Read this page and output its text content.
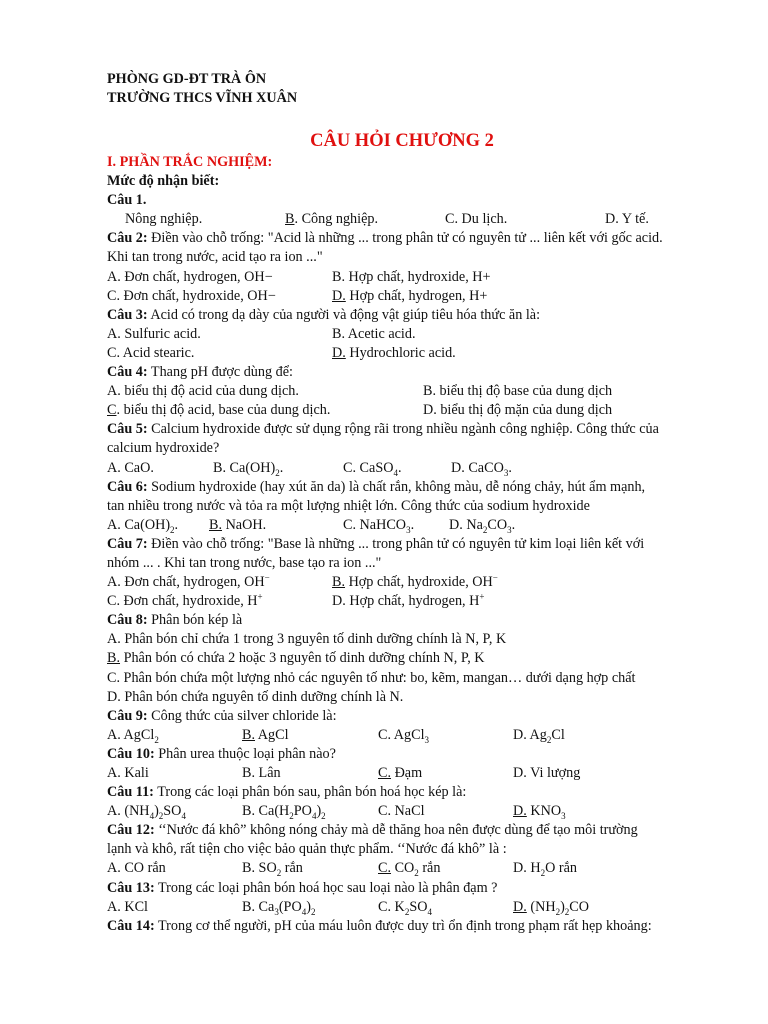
PHÒNG GD-ĐT TRÀ ÔN
TRƯỜNG THCS VĨNH XUÂN
CÂU HỎI CHƯƠNG 2
I. PHẦN TRẮC NGHIỆM:
Mức độ nhận biết:
Câu 1.
Nông nghiệp.	B. Công nghiệp.	C. Du lịch.	D. Y tế.
Câu 2: Điền vào chỗ trống: "Acid là những ... trong phân tử có nguyên tử ... liên kết với gốc acid.
Khi tan trong nước, acid tạo ra ion ..."
A. Đơn chất, hydrogen, OH−	B. Hợp chất, hydroxide, H+
C. Đơn chất, hydroxide, OH−	D. Hợp chất, hydrogen, H+
Câu 3: Acid có trong dạ dày của người và động vật giúp tiêu hóa thức ăn là:
A. Sulfuric acid.	B. Acetic acid.
C. Acid stearic.	D. Hydrochloric acid.
Câu 4: Thang pH được dùng để:
A. biểu thị độ acid của dung dịch.	B. biểu thị độ base của dung dịch
C. biểu thị độ acid, base của dung dịch.	D. biểu thị độ mặn của dung dịch
Câu 5: Calcium hydroxide được sử dụng rộng rãi trong nhiều ngành công nghiệp. Công thức của
calcium hydroxide?
A. CaO.	B. $Ca(OH)_2$.	C. CaSO$_4$.	D. CaCO$_3$.
Câu 6: Sodium hydroxide (hay xút ăn da) là chất rắn, không màu, dễ nóng chảy, hút ẩm mạnh,
tan nhiều trong nước và tỏa ra một lượng nhiệt lớn. Công thức của sodium hydroxide
A. $Ca(OH)_2$. B. NaOH.	C. NaHCO$_3$. D. $Na_2CO_3$.
Câu 7: Điền vào chỗ trống: "Base là những ... trong phân tử có nguyên tử kim loại liên kết với
nhóm ... . Khi tan trong nước, base tạo ra ion ..."
A. Đơn chất, hydrogen, OH−	B. Hợp chất, hydroxide, OH−
C. Đơn chất, hydroxide, H+	D. Hợp chất, hydrogen, H+
Câu 8: Phân bón kép là
A. Phân bón chỉ chứa 1 trong 3 nguyên tố dinh dưỡng chính là N, P, K
B. Phân bón có chứa 2 hoặc 3 nguyên tố dinh dưỡng chính N, P, K
C. Phân bón chứa một lượng nhỏ các nguyên tố như: bo, kẽm, mangan… dưới dạng hợp chất
D. Phân bón chứa nguyên tố dinh dưỡng chính là N.
Câu 9: Công thức của silver chloride là:
A. AgCl$_2$	B. AgCl	C. AgCl$_3$	D. $Ag_2Cl$
Câu 10: Phân urea thuộc loại phân nào?
A. Kali	B. Lân	C. Đạm	D. Vi lượng
Câu 11: Trong các loại phân bón sau, phân bón hoá học kép là:
A. $(NH_4)_2SO_4$	B. $Ca(H_2PO_4)_2$	C. NaCl	D. $KNO_3$
Câu 12: ‘‘Nước đá khô” không nóng chảy mà dễ thăng hoa nên được dùng để tạo môi trường
lạnh và khô, rất tiện cho việc bảo quản thực phẩm. ‘‘Nước đá khô” là :
A. CO rắn	B. $SO_2$ rắn	C. $CO_2$ rắn	D. $H_2O$ rắn
Câu 13: Trong các loại phân bón hoá học sau loại nào là phân đạm ?
A. KCl	B. $Ca_3(PO_4)_2$	C. $K_2SO_4$	D. $(NH_2)_2CO$
Câu 14: Trong cơ thể người, pH của máu luôn được duy trì ổn định trong phạm rất hẹp khoảng:
